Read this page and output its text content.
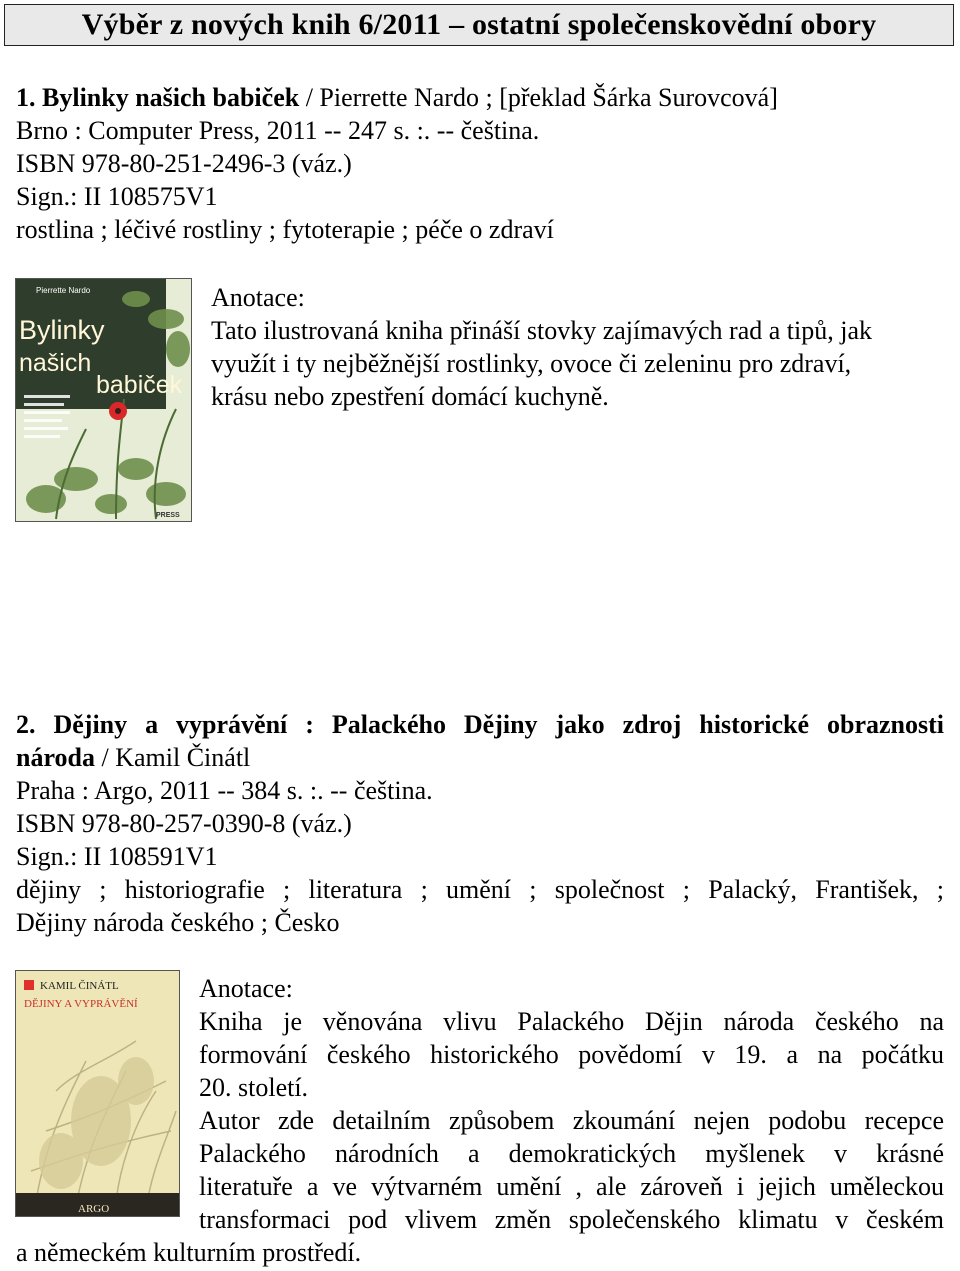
Výběr z nových knih 6/2011 – ostatní společenskovědní obory
1. Bylinky našich babiček / Pierrette Nardo ; [překlad Šárka Surovcová]
Brno : Computer Press, 2011 -- 247 s. :. -- čeština.
ISBN 978-80-251-2496-3 (váz.)
Sign.: II 108575V1
rostlina ; léčivé rostliny ; fytoterapie ; péče o zdraví
Pierrette Nardo
Bylinky
našich
babiček
PRESS
Anotace:
Tato ilustrovaná kniha přináší stovky zajímavých rad a tipů, jak
využít i ty nejběžnější rostlinky, ovoce či zeleninu pro zdraví,
krásu nebo zpestření domácí kuchyně.
2. Dějiny a vyprávění : Palackého Dějiny jako zdroj historické obraznosti
národa / Kamil Činátl
Praha : Argo, 2011 -- 384 s. :. -- čeština.
ISBN 978-80-257-0390-8 (váz.)
Sign.: II 108591V1
dějiny ; historiografie ; literatura ; umění ; společnost ; Palacký, František, ;
Dějiny národa českého ; Česko
KAMIL ČINÁTL
DĚJINY A VYPRÁVĚNÍ
ARGO
Anotace:
Kniha je věnována vlivu Palackého Dějin národa českého na
formování českého historického povědomí v 19. a na počátku
20. století.
Autor zde detailním způsobem zkoumání nejen podobu recepce
Palackého národních a demokratických myšlenek v krásné
literatuře a ve výtvarném umění , ale zároveň i jejich uměleckou
transformaci pod vlivem změn společenského klimatu v českém
a německém kulturním prostředí.
